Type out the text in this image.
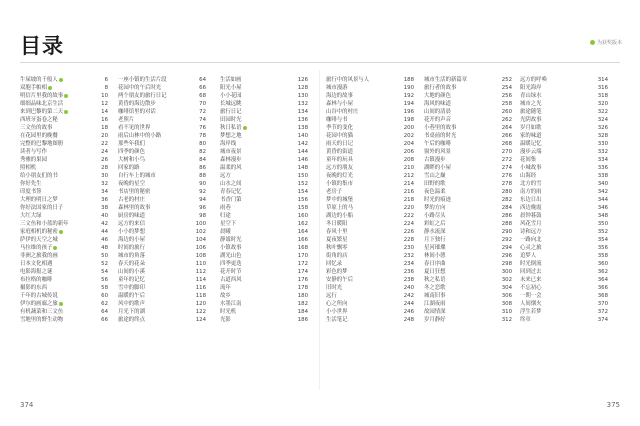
目录	为获奖版本
牛屎坡的千般人	6
双胞手帕相	8
明信片里我的故事	10
细细品味北京生活	12
来到巴黎的第二天	14
西班牙蛋卷之秘	16
三文鱼的故事	18
在花园里的晚餐	20
完整的巴黎地图册	22
读者与写作	24
秀雅的果园	26
照相机	28
给小朋友们的书	30
你好先生	32
印度书签	34
大理的明日之梦	36
你好法国家的日子	38
大红大绿	40
三文鱼和小蓝的新年	42
家庭相机的秘密	44
萨伊的天空之城	46
马拉维的孩子	48
非洲之旅我的画	50
日本文化相遇	52
电影海报之谜	54
布拉格的咖啡	56
摄影的东西	58
千年的古城传说	60
伊尔的画廊之旅	62
有机蔬菜和三文鱼	64
雪地里的野生动物	66
一座小镇的生活片段	64
花园中的午后时光	66
两个朋友的旅行日记	68
黄昏的海边散步	70
咖啡馆里的对话	72
老照片	74
看不见的世界	76
雨后山林中的小路	78
那些年我们	80
四季的颜色	82
大树和小鸟	84
回家的路	86
自行车上的城市	88
夜晚的星空	90
书店里的秘密	92
古老的村庄	94
森林里的故事	96
厨房的味道	98
远方的来信	100
小小的梦想	102
海边的小屋	104
时间的旅行	106
城市的角落	108
春天的花朵	110
山间的小溪	112
童年的记忆	114
雪中的脚印	116
温暖的午后	118
风中的歌声	120
月光下的湖	122
旅途的终点	124
生活如画	126
阳光小屋	128
小小花园	130
长城远眺	132
旅行日记	134
田园时光	136
秋日私语	138
梦想之地	140
海岸线	142
城市夜景	144
森林漫步	146
温柔的风	148
远方	150
山水之间	152
青春记忆	154
书香门第	156
雨巷	158
归途	160
星空下	162
晨曦	164
静谧时光	166
小镇故事	168
湖光山色	170
四季更迭	172
花开时节	174
古道西风	176
流年	178
故乡	180
水墨江南	182
时光机	184
光影	186
旅行中的风景与人	188
城市漫游	190
海边的故事	192
森林与小屋	194
山谷中的村庄	196
咖啡与书	198
季节的变化	200
花园中的猫	202
雨天的日记	204
黄昏的街道	206
童年的玩具	208
远方的朋友	210
夜晚的灯光	212
小镇的集市	214
老房子	216
梦中的城堡	218
草原上的马	220
湖边的小船	222
冬日暖阳	224
春风十里	226
夏夜繁星	228
秋叶飘零	230
街角的店	232
回忆录	234
彩色的梦	236
安静的午后	238
旧时光	240
远行	242
心之所向	244
小小世界	246
生活笔记	248
城市生活的新篇章	252
旅行者的故事	254
大地的颜色	256
海风的味道	258
山间的清晨	260
花开的声音	262
小巷里的故事	264
书桌前的时光	266
午后的咖啡	268
窗外的风景	270
古镇漫步	272
湖畔的小屋	274
雪山之巅	276
田野的歌	278
夜色温柔	280
时光的痕迹	282
梦的方向	284
小路尽头	286
彩虹之后	288
静水流深	290
月下独行	292
星河璀璨	294
林间小憩	296
春日序曲	298
夏日狂想	300
秋之私语	302
冬之恋歌	304
城南旧事	306
江湖夜雨	308
故园情深	310
岁月静好	312
远方的呼唤	314
阳光海岸	316
青山绿水	318
城市之光	320
旅途随笔	322
光阴故事	324
岁月如歌	326
家的味道	328
温暖记忆	330
漫步云端	332
花间集	334
小城故事	336
山海经	338
北方的雪	340
南方的雨	342
东边日出	344
西边晚霞	346
晨钟暮鼓	348
风花雪月	350
诗和远方	352
一路向北	354
心灵之旅	356
追梦人	358
时光倒流	360
回到过去	362
未来已来	364
不忘初心	366
一期一会	368
人间烟火	370
浮生若梦	372
终章	374
374	375
